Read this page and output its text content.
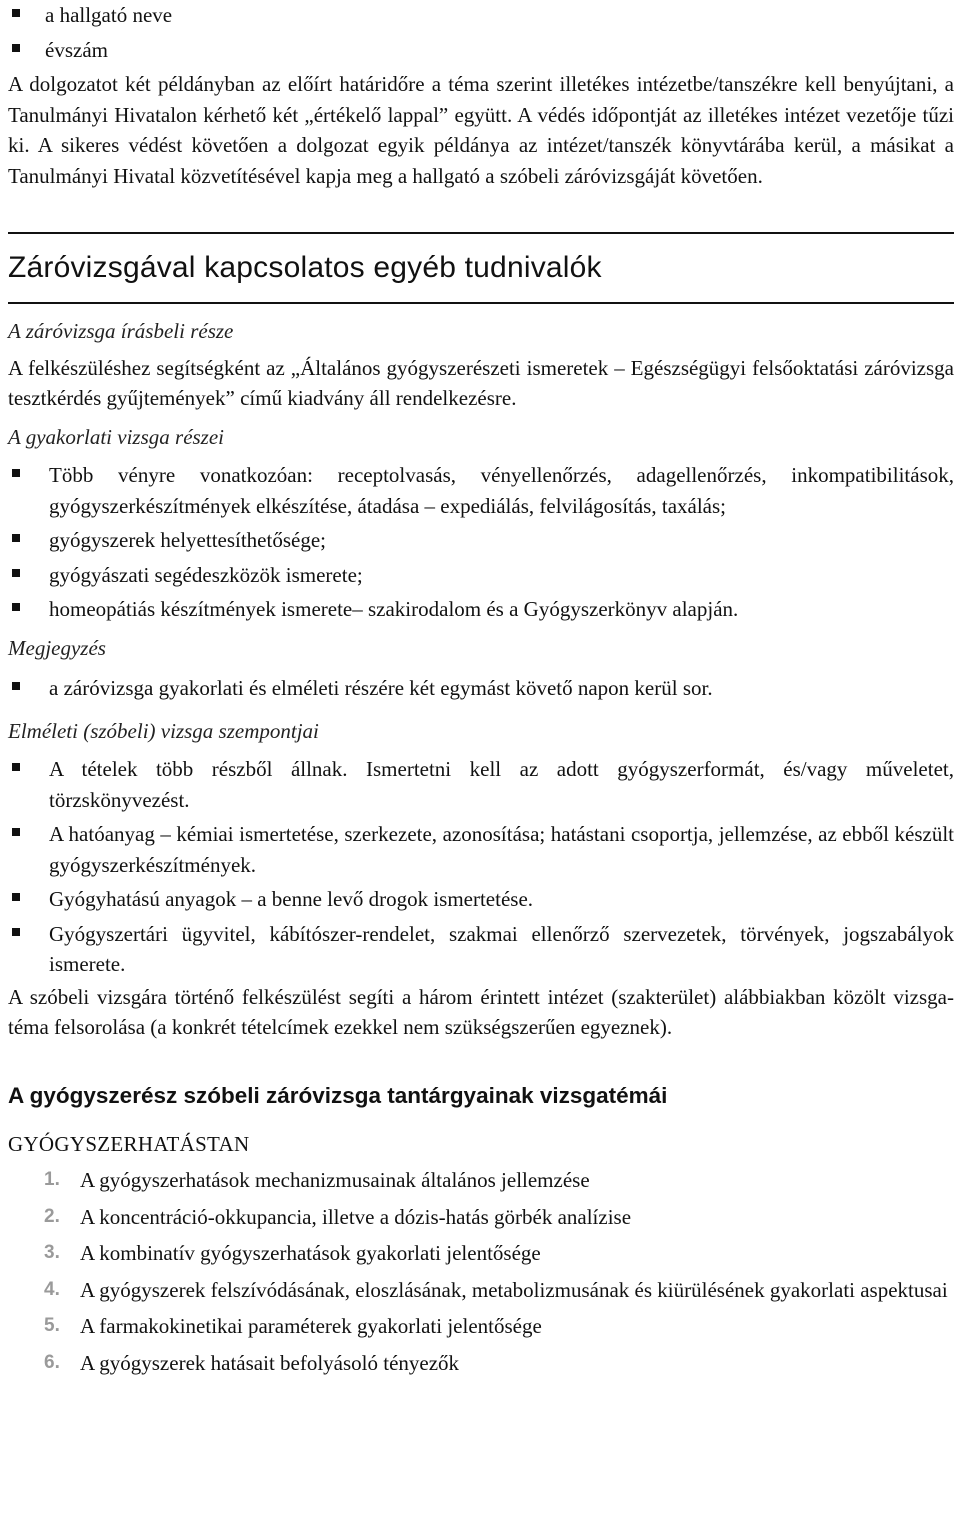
a hallgató neve
évszám

A dolgozatot két példányban az előírt határidőre a téma szerint illetékes intézetbe/tanszékre kell benyújtani, a Tanulmányi Hivatalon kérhető két „értékelő lappal” együtt. A védés időpontját az illetékes intézet vezetője tűzi ki. A sikeres védést követően a dolgozat egyik példánya az intézet/tanszék könyvtárába kerül, a másikat a Tanulmányi Hivatal közvetítésével kapja meg a hallgató a szóbeli záróvizsgáját követően.

Záróvizsgával kapcsolatos egyéb tudnivalók
A záróvizsga írásbeli része

A felkészüléshez segítségként az „Általános gyógyszerészeti ismeretek – Egészségügyi felsőoktatási záróvizsga tesztkérdés gyűjtemények” című kiadvány áll rendelkezésre.

A gyakorlati vizsga részei
Több vényre vonatkozóan: receptolvasás, vényellenőrzés, adagellenőrzés, inkompatibilitások, gyógyszerkészítmények elkészítése, átadása – expediálás, felvilágosítás, taxálás;
gyógyszerek helyettesíthetősége;
gyógyászati segédeszközök ismerete;
homeopátiás készítmények ismerete– szakirodalom és a Gyógyszerkönyv alapján.
Megjegyzés
a záróvizsga gyakorlati és elméleti részére két egymást követő napon kerül sor.
Elméleti (szóbeli) vizsga szempontjai
A tételek több részből állnak. Ismertetni kell az adott gyógyszerformát, és/vagy műveletet, törzskönyvezést.
A hatóanyag – kémiai ismertetése, szerkezete, azonosítása; hatástani csoportja, jellemzése, az ebből készült gyógyszerkészítmények.
Gyógyhatású anyagok – a benne levő drogok ismertetése.
Gyógyszertári ügyvitel, kábítószer-rendelet, szakmai ellenőrző szervezetek, törvények, jogszabályok ismerete.

A szóbeli vizsgára történő felkészülést segíti a három érintett intézet (szakterület) alábbiakban közölt vizsga-téma felsorolása (a konkrét tételcímek ezekkel nem szükségszerűen egyeznek).

A gyógyszerész szóbeli záróvizsga tantárgyainak vizsgatémái
GYÓGYSZERHATÁSTAN
1. A gyógyszerhatások mechanizmusainak általános jellemzése
2. A koncentráció-okkupancia, illetve a dózis-hatás görbék analízise
3. A kombinatív gyógyszerhatások gyakorlati jelentősége
4. A gyógyszerek felszívódásának, eloszlásának, metabolizmusának és kiürülésének gyakorlati aspektusai
5. A farmakokinetikai paraméterek gyakorlati jelentősége
6. A gyógyszerek hatásait befolyásoló tényezők
